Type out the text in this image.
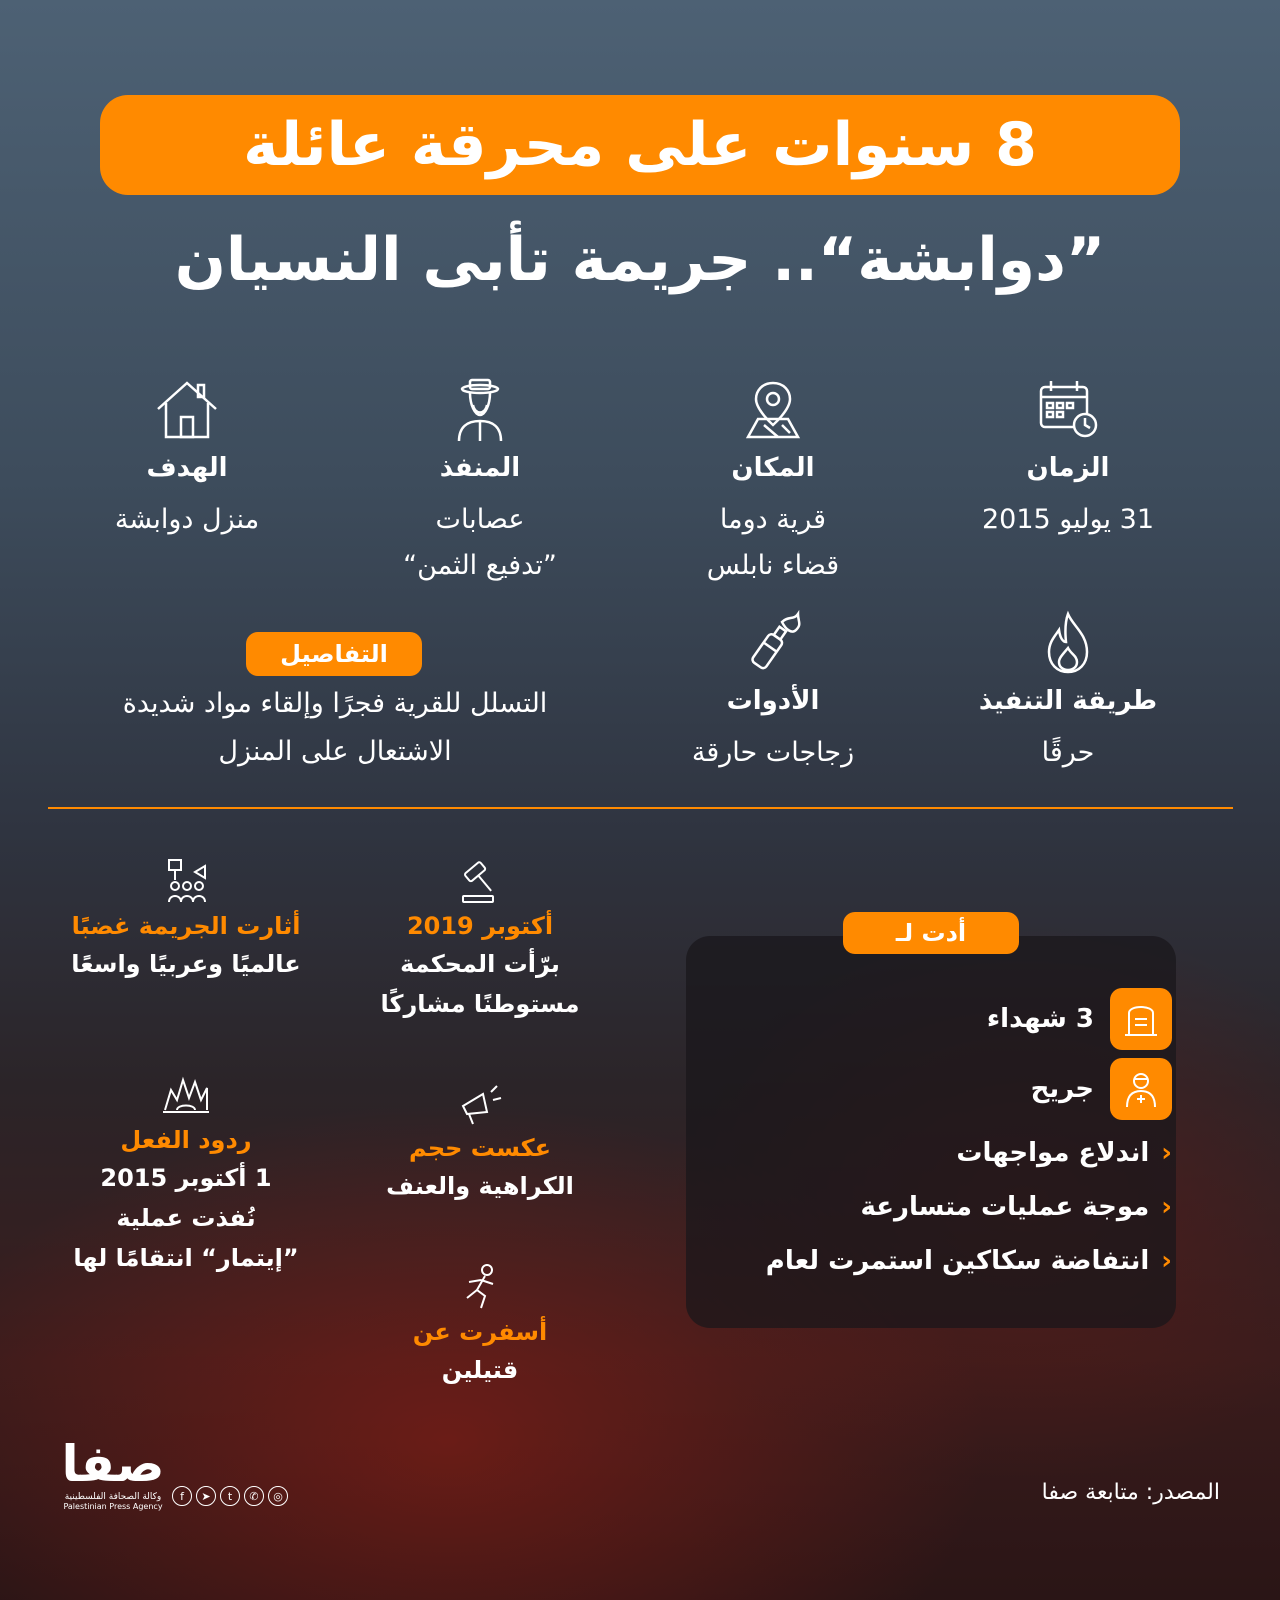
8 سنوات على محرقة عائلة
”دوابشة“.. جريمة تأبى النسيان
الزمان
31 يوليو 2015
المكان
قرية دوما
قضاء نابلس
المنفذ
عصابات
”تدفيع الثمن“
الهدف
منزل دوابشة
طريقة التنفيذ
حرقًا
الأدوات
زجاجات حارقة
التفاصيل
التسلل للقرية فجرًا وإلقاء مواد شديدة
الاشتعال على المنزل
أدت لـ
3 شهداء
جريح
‹
اندلاع مواجهات
‹
موجة عمليات متسارعة
‹
انتفاضة سكاكين استمرت لعام
أكتوبر 2019
برّأت المحكمة
مستوطنًا مشاركًا
عكست حجم
الكراهية والعنف
أسفرت عن
قتيلين
أثارت الجريمة غضبًا
عالميًا وعربيًا واسعًا
ردود الفعل
1 أكتوبر 2015
نُفذت عملية
”إيتمار“ انتقامًا لها
صفا
وكالة الصحافة الفلسطينية
Palestinian Press Agency
f	➤	t	✆	◎	المصدر: متابعة صفا
